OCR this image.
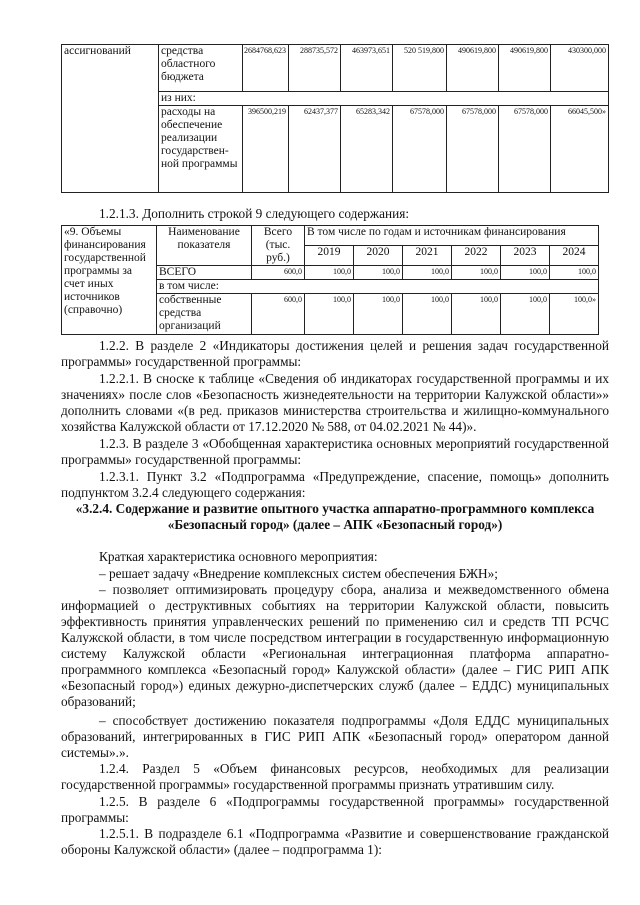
ассигнований	средства областного бюджета	2684768,623	288735,572	463973,651	520 519,800	490619,800	490619,800	430300,000
	из них:							
	расходы на обеспечение реализации государствен-ной программы	396500,219	62437,377	65283,342	67578,000	67578,000	67578,000	66045,500»

1.2.1.3. Дополнить строкой 9 следующего содержания:

«9. Объемы финансирования государственной программы за счет иных источников (справочно)	Наименование показателя	Всего (тыс. руб.)	В том числе по годам и источникам финансирования					
			2019	2020	2021	2022	2023	2024
	ВСЕГО	600,0	100,0	100,0	100,0	100,0	100,0	100,0
	в том числе:							
	собственные средства организаций	600,0	100,0	100,0	100,0	100,0	100,0	100,0»

1.2.2. В разделе 2 «Индикаторы достижения целей и решения задач государственной программы» государственной программы:

1.2.2.1. В сноске к таблице «Сведения об индикаторах государственной программы и их значениях» после слов «Безопасность жизнедеятельности на территории Калужской области»» дополнить словами «(в ред. приказов министерства строительства и жилищно-коммунального хозяйства Калужской области от 17.12.2020 № 588, от 04.02.2021 № 44)».

1.2.3. В разделе 3 «Обобщенная характеристика основных мероприятий государственной программы» государственной программы:

1.2.3.1. Пункт 3.2 «Подпрограмма «Предупреждение, спасение, помощь» дополнить подпунктом 3.2.4 следующего содержания:

«3.2.4. Содержание и развитие опытного участка аппаратно-программного комплекса «Безопасный город» (далее – АПК «Безопасный город»)

Краткая характеристика основного мероприятия:

– решает задачу «Внедрение комплексных систем обеспечения БЖН»;

– позволяет оптимизировать процедуру сбора, анализа и межведомственного обмена информацией о деструктивных событиях на территории Калужской области, повысить эффективность принятия управленческих решений по применению сил и средств ТП РСЧС Калужской области, в том числе посредством интеграции в государственную информационную систему Калужской области «Региональная интеграционная платформа аппаратно-программного комплекса «Безопасный город» Калужской области» (далее – ГИС РИП АПК «Безопасный город») единых дежурно-диспетчерских служб (далее – ЕДДС) муниципальных образований;

– способствует достижению показателя подпрограммы «Доля ЕДДС муниципальных образований, интегрированных в ГИС РИП АПК «Безопасный город» оператором данной системы».».

1.2.4. Раздел 5 «Объем финансовых ресурсов, необходимых для реализации государственной программы» государственной программы признать утратившим силу.

1.2.5. В разделе 6 «Подпрограммы государственной программы» государственной программы:

1.2.5.1. В подразделе 6.1 «Подпрограмма «Развитие и совершенствование гражданской обороны Калужской области» (далее – подпрограмма 1):
